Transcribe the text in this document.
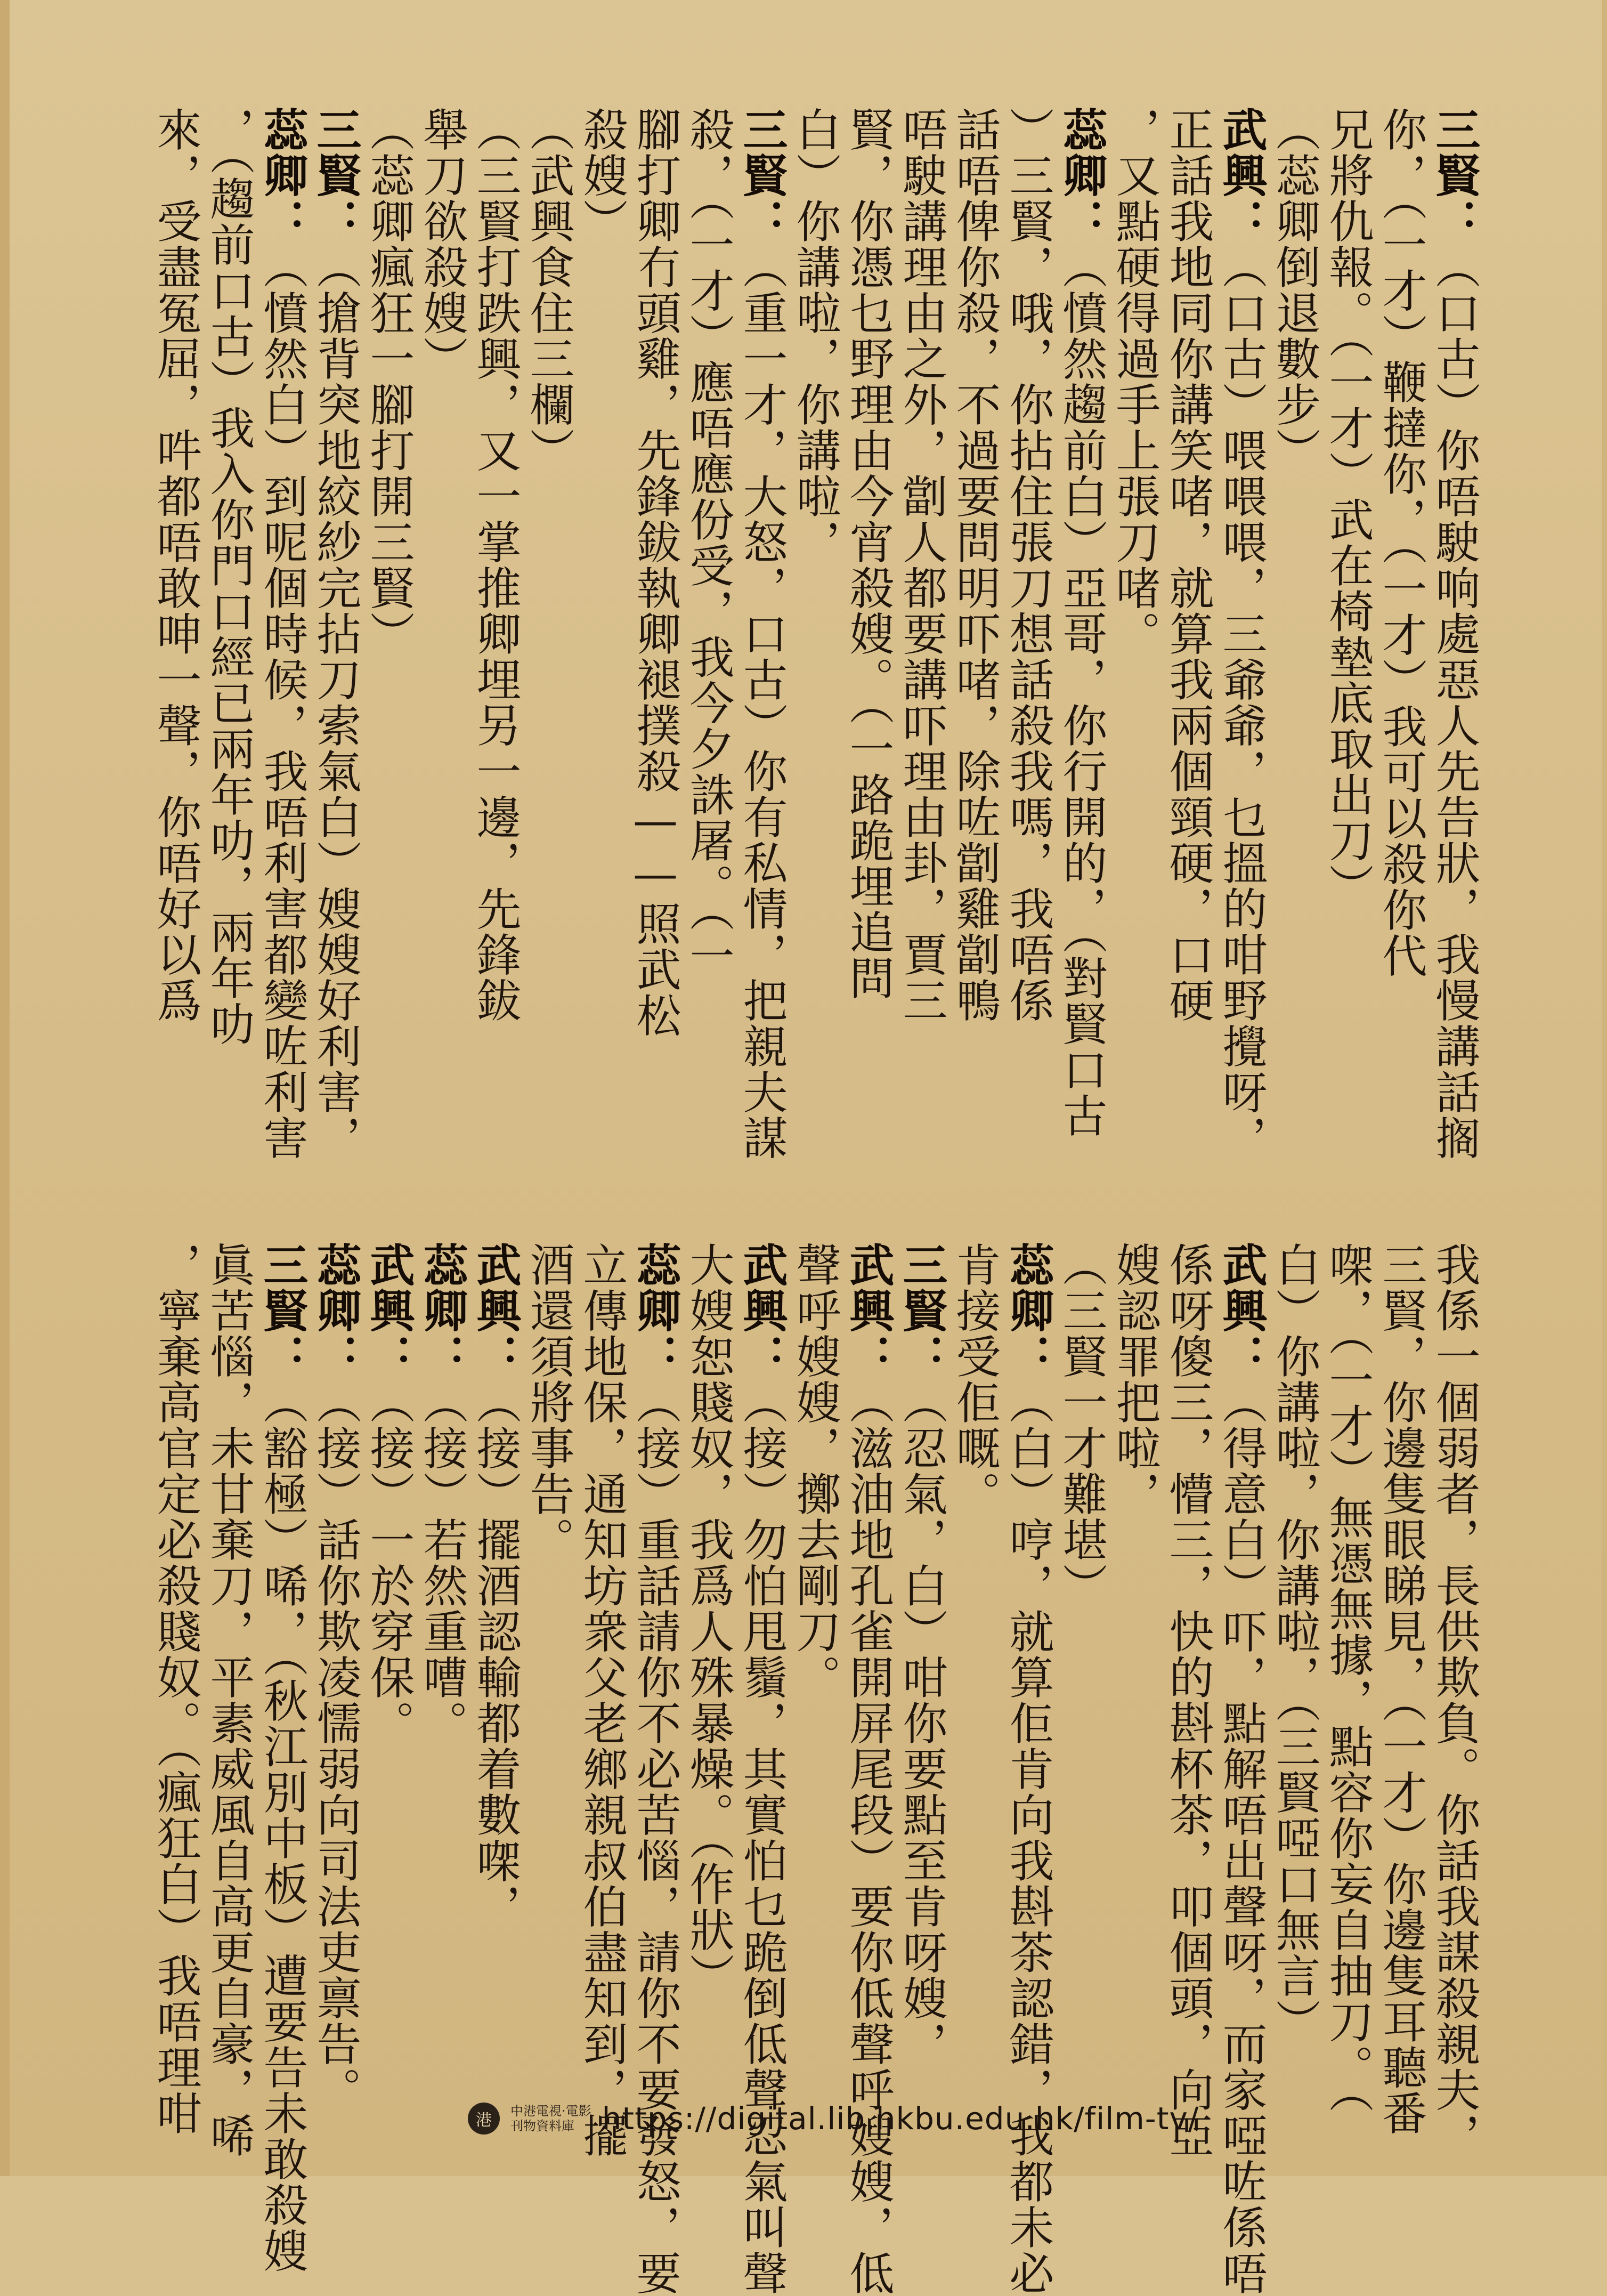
三賢：（口古）你唔駛响處惡人先告狀，我慢講話搁
你，（一才）鞭撻你，（一才）我可以殺你代
兄將仇報。（一才）武在椅墊底取出刀）
（蕊卿倒退數步）
武興：（口古）喂喂喂，三爺爺，乜搵的咁野攪呀，
正話我地同你講笑啫，就算我兩個頸硬，口硬
，又點硬得過手上張刀啫。
蕊卿：（憤然趨前白）亞哥，你行開的，（對賢口古
）三賢，哦，你拈住張刀想話殺我嗎，我唔係
話唔俾你殺，不過要問明吓啫，除咗劏雞劏鴨
唔駛講理由之外，劏人都要講吓理由卦，賈三
賢，你憑乜野理由今宵殺嫂。（一路跪埋追問
白）你講啦，你講啦，
三賢：（重一才，大怒，口古）你有私情，把親夫謀
殺，（一才）應唔應份受，我今夕誅屠。（一
腳打卿冇頭雞，先鋒鈸執卿褪撲殺——照武松
殺嫂）
（武興食住三欄）
（三賢打跌興，又一掌推卿埋另一邊，先鋒鈸
舉刀欲殺嫂）
（蕊卿瘋狂一腳打開三賢）
三賢：（搶背突地絞紗完拈刀索氣白）嫂嫂好利害，
蕊卿：（憤然白）到呢個時候，我唔利害都變咗利害
，（趨前口古）我入你門口經已兩年叻，兩年叻
來，受盡冤屈，吽都唔敢呻一聲，你唔好以爲
我係一個弱者，長供欺負。你話我謀殺親夫，
三賢，你邊隻眼睇見，（一才）你邊隻耳聽番
㗎，（一才）無憑無據，點容你妄自抽刀。（
白）你講啦，你講啦，（三賢啞口無言）
武興：（得意白）吓，點解唔出聲呀，而家啞咗係唔
係呀傻三，懵三，快的斟杯茶，叩個頭，向亞
嫂認罪把啦，
（三賢一才難堪）
蕊卿：（白）哼，就算佢肯向我斟茶認錯，我都未必
肯接受佢嘅。
三賢：（忍氣，白）咁你要點至肯呀嫂，
武興：（滋油地孔雀開屏尾段）要你低聲呼嫂嫂，低
聲呼嫂嫂，擲去剛刀。
武興：（接）勿怕甩鬚，其實怕乜跪倒低聲忍氣叫聲
大嫂恕賤奴，我爲人殊暴燥。（作狀）
蕊卿：（接）重話請你不必苦惱，請你不要發怒，要
立傳地保，通知坊衆父老鄉親叔伯盡知到，擺
酒還須將事告。
武興：（接）擺酒認輸都着數㗎，
蕊卿：（接）若然重嘈。
武興：（接）一於穿保。
蕊卿：（接）話你欺凌懦弱向司法吏禀告。
三賢：（豁極）唏，（秋江別中板）遭要告未敢殺嫂
眞苦惱，未甘棄刀，平素威風自高更自豪，唏
，寧棄高官定必殺賤奴。（瘋狂白）我唔理咁	港	中港電視·電影
刊物資料庫 https://digital.lib.hkbu.edu.hk/film-tv/
